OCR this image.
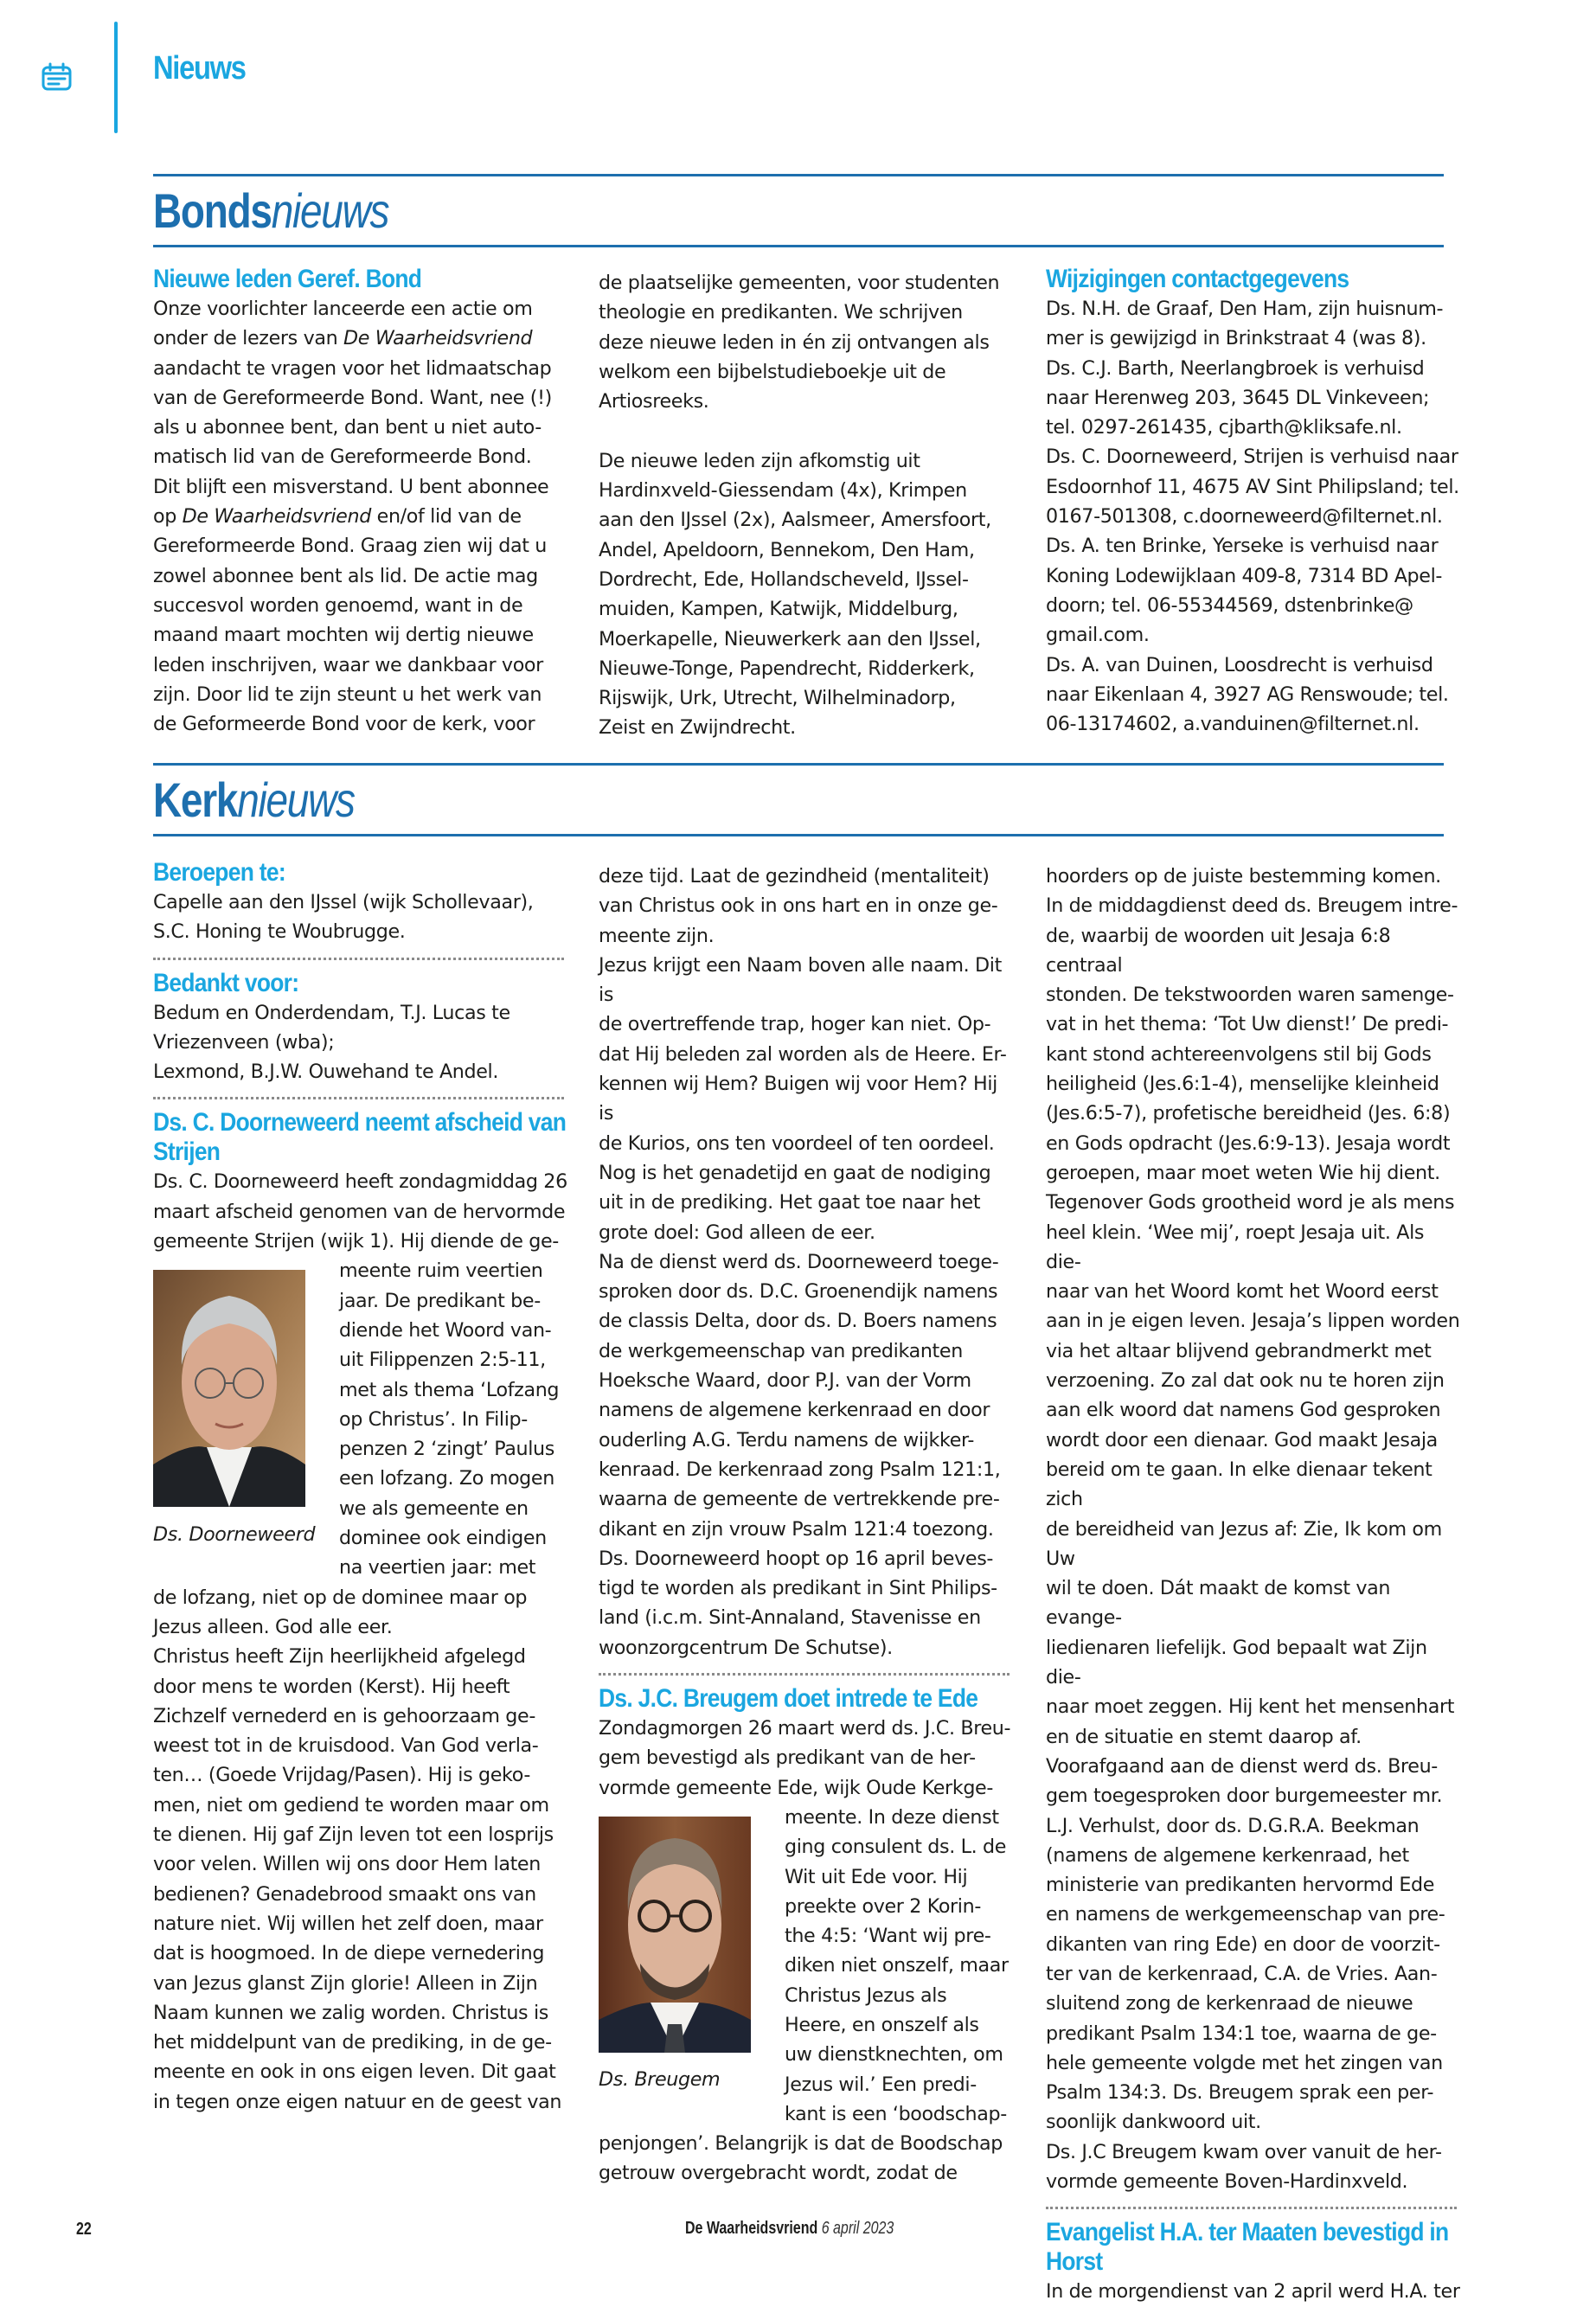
Nieuws
Bondsnieuws
Nieuwe leden Geref. Bond

Onze voorlichter lanceerde een actie om

onder de lezers van De Waarheidsvriend

aandacht te vragen voor het lidmaatschap

van de Gereformeerde Bond. Want, nee (!)

als u abonnee bent, dan bent u niet auto-

matisch lid van de Gereformeerde Bond.

Dit blijft een misverstand. U bent abonnee

op De Waarheidsvriend en/of lid van de

Gereformeerde Bond. Graag zien wij dat u

zowel abonnee bent als lid. De actie mag

succesvol worden genoemd, want in de

maand maart mochten wij dertig nieuwe

leden inschrijven, waar we dankbaar voor

zijn. Door lid te zijn steunt u het werk van

de Geformeerde Bond voor de kerk, voor

de plaatselijke gemeenten, voor studenten

theologie en predikanten. We schrijven

deze nieuwe leden in én zij ontvangen als

welkom een bijbelstudieboekje uit de

Artiosreeks.

De nieuwe leden zijn afkomstig uit

Hardinxveld-Giessendam (4x), Krimpen

aan den IJssel (2x), Aalsmeer, Amersfoort,

Andel, Apeldoorn, Bennekom, Den Ham,

Dordrecht, Ede, Hollandscheveld, IJssel-

muiden, Kampen, Katwijk, Middelburg,

Moerkapelle, Nieuwerkerk aan den IJssel,

Nieuwe-Tonge, Papendrecht, Ridderkerk,

Rijswijk, Urk, Utrecht, Wilhelminadorp,

Zeist en Zwijndrecht.

Wijzigingen contactgegevens

Ds. N.H. de Graaf, Den Ham, zijn huisnum-

mer is gewijzigd in Brinkstraat 4 (was 8).

Ds. C.J. Barth, Neerlangbroek is verhuisd

naar Herenweg 203, 3645 DL Vinkeveen;

tel. 0297-261435, cjbarth@kliksafe.nl.

Ds. C. Doorneweerd, Strijen is verhuisd naar

Esdoornhof 11, 4675 AV Sint Philipsland; tel.

0167-501308, c.doorneweerd@filternet.nl.

Ds. A. ten Brinke, Yerseke is verhuisd naar

Koning Lodewijklaan 409-8, 7314 BD Apel-

doorn; tel. 06-55344569, dstenbrinke@

gmail.com.

Ds. A. van Duinen, Loosdrecht is verhuisd

naar Eikenlaan 4, 3927 AG Renswoude; tel.

06-13174602, a.vanduinen@filternet.nl.

Kerknieuws
Beroepen te:

Capelle aan den IJssel (wijk Schollevaar),

S.C. Honing te Woubrugge.

Bedankt voor:

Bedum en Onderdendam, T.J. Lucas te

Vriezenveen (wba);

Lexmond, B.J.W. Ouwehand te Andel.

Ds. C. Doorneweerd neemt afscheid van Strijen

Ds. C. Doorneweerd heeft zondagmiddag 26

maart afscheid genomen van de hervormde

gemeente Strijen (wijk 1). Hij diende de ge-

Ds. Doorneweerd

meente ruim veertien

jaar. De predikant be-

diende het Woord van-

uit Filippenzen 2:5-11,

met als thema ‘Lofzang

op Christus’. In Filip-

penzen 2 ‘zingt’ Paulus

een lofzang. Zo mogen

we als gemeente en

dominee ook eindigen

na veertien jaar: met

de lofzang, niet op de dominee maar op

Jezus alleen. God alle eer.

Christus heeft Zijn heerlijkheid afgelegd

door mens te worden (Kerst). Hij heeft

Zichzelf vernederd en is gehoorzaam ge-

weest tot in de kruisdood. Van God verla-

ten… (Goede Vrijdag/Pasen). Hij is geko-

men, niet om gediend te worden maar om

te dienen. Hij gaf Zijn leven tot een losprijs

voor velen. Willen wij ons door Hem laten

bedienen? Genadebrood smaakt ons van

nature niet. Wij willen het zelf doen, maar

dat is hoogmoed. In de diepe vernedering

van Jezus glanst Zijn glorie! Alleen in Zijn

Naam kunnen we zalig worden. Christus is

het middelpunt van de prediking, in de ge-

meente en ook in ons eigen leven. Dit gaat

in tegen onze eigen natuur en de geest van

deze tijd. Laat de gezindheid (mentaliteit)

van Christus ook in ons hart en in onze ge-

meente zijn.

Jezus krijgt een Naam boven alle naam. Dit is

de overtreffende trap, hoger kan niet. Op-

dat Hij beleden zal worden als de Heere. Er-

kennen wij Hem? Buigen wij voor Hem? Hij is

de Kurios, ons ten voordeel of ten oordeel.

Nog is het genadetijd en gaat de nodiging

uit in de prediking. Het gaat toe naar het

grote doel: God alleen de eer.

Na de dienst werd ds. Doorneweerd toege-

sproken door ds. D.C. Groenendijk namens

de classis Delta, door ds. D. Boers namens

de werkgemeenschap van predikanten

Hoeksche Waard, door P.J. van der Vorm

namens de algemene kerkenraad en door

ouderling A.G. Terdu namens de wijkker-

kenraad. De kerkenraad zong Psalm 121:1,

waarna de gemeente de vertrekkende pre-

dikant en zijn vrouw Psalm 121:4 toezong.

Ds. Doorneweerd hoopt op 16 april beves-

tigd te worden als predikant in Sint Philips-

land (i.c.m. Sint-Annaland, Stavenisse en

woonzorgcentrum De Schutse).

Ds. J.C. Breugem doet intrede te Ede

Zondagmorgen 26 maart werd ds. J.C. Breu-

gem bevestigd als predikant van de her-

vormde gemeente Ede, wijk Oude Kerkge-

Ds. Breugem

meente. In deze dienst

ging consulent ds. L. de

Wit uit Ede voor. Hij

preekte over 2 Korin-

the 4:5: ‘Want wij pre-

diken niet onszelf, maar

Christus Jezus als

Heere, en onszelf als

uw dienstknechten, om

Jezus wil.’ Een predi-

kant is een ‘boodschap-

penjongen’. Belangrijk is dat de Boodschap

getrouw overgebracht wordt, zodat de

hoorders op de juiste bestemming komen.

In de middagdienst deed ds. Breugem intre-

de, waarbij de woorden uit Jesaja 6:8 centraal

stonden. De tekstwoorden waren samenge-

vat in het thema: ‘Tot Uw dienst!’ De predi-

kant stond achtereenvolgens stil bij Gods

heiligheid (Jes.6:1-4), menselijke kleinheid

(Jes.6:5-7), profetische bereidheid (Jes. 6:8)

en Gods opdracht (Jes.6:9-13). Jesaja wordt

geroepen, maar moet weten Wie hij dient.

Tegenover Gods grootheid word je als mens

heel klein. ‘Wee mij’, roept Jesaja uit. Als die-

naar van het Woord komt het Woord eerst

aan in je eigen leven. Jesaja’s lippen worden

via het altaar blijvend gebrandmerkt met

verzoening. Zo zal dat ook nu te horen zijn

aan elk woord dat namens God gesproken

wordt door een dienaar. God maakt Jesaja

bereid om te gaan. In elke dienaar tekent zich

de bereidheid van Jezus af: Zie, Ik kom om Uw

wil te doen. Dát maakt de komst van evange-

liedienaren liefelijk. God bepaalt wat Zijn die-

naar moet zeggen. Hij kent het mensenhart

en de situatie en stemt daarop af.

Voorafgaand aan de dienst werd ds. Breu-

gem toegesproken door burgemeester mr.

L.J. Verhulst, door ds. D.G.R.A. Beekman

(namens de algemene kerkenraad, het

ministerie van predikanten hervormd Ede

en namens de werkgemeenschap van pre-

dikanten van ring Ede) en door de voorzit-

ter van de kerkenraad, C.A. de Vries. Aan-

sluitend zong de kerkenraad de nieuwe

predikant Psalm 134:1 toe, waarna de ge-

hele gemeente volgde met het zingen van

Psalm 134:3. Ds. Breugem sprak een per-

soonlijk dankwoord uit.

Ds. J.C Breugem kwam over vanuit de her-

vormde gemeente Boven-Hardinxveld.

Evangelist H.A. ter Maaten bevestigd in Horst

In de morgendienst van 2 april werd H.A. ter

22	De Waarheidsvriend 6 april 2023
